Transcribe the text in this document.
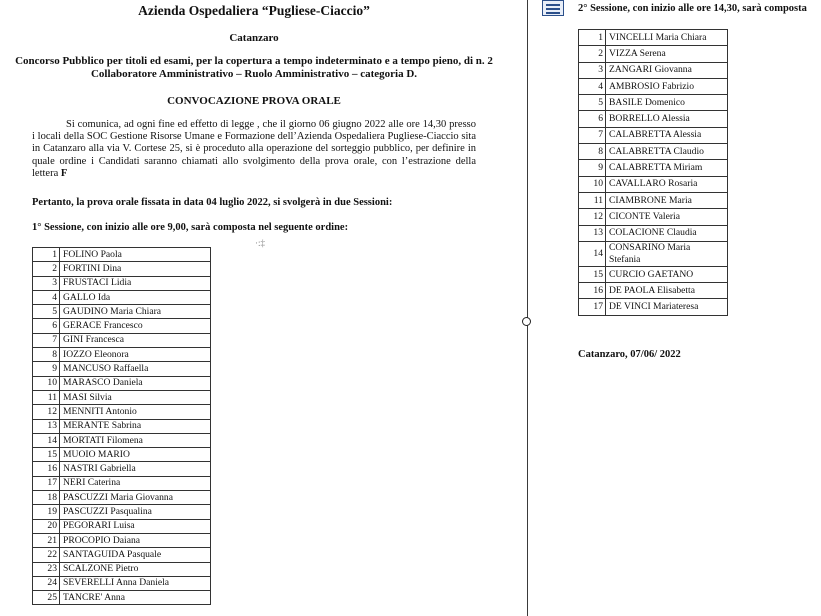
Azienda Ospedaliera “Pugliese-Ciaccio”
Catanzaro
Concorso Pubblico per titoli ed esami, per la copertura a tempo indeterminato e a tempo pieno, di n. 2 Collaboratore Amministrativo – Ruolo Amministrativo – categoria D.
CONVOCAZIONE PROVA ORALE
Si comunica, ad ogni fine ed effetto di legge , che il giorno 06 giugno 2022 alle ore 14,30 presso i locali della SOC Gestione Risorse Umane e Formazione dell’Azienda Ospedaliera Pugliese-Ciaccio sita in Catanzaro alla via V. Cortese 25, si è proceduto alla operazione del sorteggio pubblico, per definire in quale ordine i Candidati saranno chiamati allo svolgimento della prova orale, con l’estrazione della lettera F
Pertanto, la prova orale fissata in data 04 luglio 2022, si svolgerà in due Sessioni:
1° Sessione, con inizio alle ore 9,00, sarà composta nel seguente ordine:
·:‡
1	FOLINO Paola
2	FORTINI Dina
3	FRUSTACI Lidia
4	GALLO Ida
5	GAUDINO Maria Chiara
6	GERACE Francesco
7	GINI Francesca
8	IOZZO Eleonora
9	MANCUSO Raffaella
10	MARASCO Daniela
11	MASI Silvia
12	MENNITI Antonio
13	MERANTE Sabrina
14	MORTATI Filomena
15	MUOIO MARIO
16	NASTRI Gabriella
17	NERI Caterina
18	PASCUZZI Maria Giovanna
19	PASCUZZI Pasqualina
20	PEGORARI Luisa
21	PROCOPIO Daiana
22	SANTAGUIDA Pasquale
23	SCALZONE Pietro
24	SEVERELLI Anna Daniela
25	TANCRE' Anna
2° Sessione, con inizio alle ore 14,30, sarà composta
1	VINCELLI Maria Chiara
2	VIZZA Serena
3	ZANGARI Giovanna
4	AMBROSIO Fabrizio
5	BASILE Domenico
6	BORRELLO Alessia
7	CALABRETTA Alessia
8	CALABRETTA Claudio
9	CALABRETTA Miriam
10	CAVALLARO Rosaria
11	CIAMBRONE Maria
12	CICONTE Valeria
13	COLACIONE Claudia
14	CONSARINO Maria Stefania
15	CURCIO GAETANO
16	DE PAOLA Elisabetta
17	DE VINCI Mariateresa
Catanzaro, 07/06/ 2022
